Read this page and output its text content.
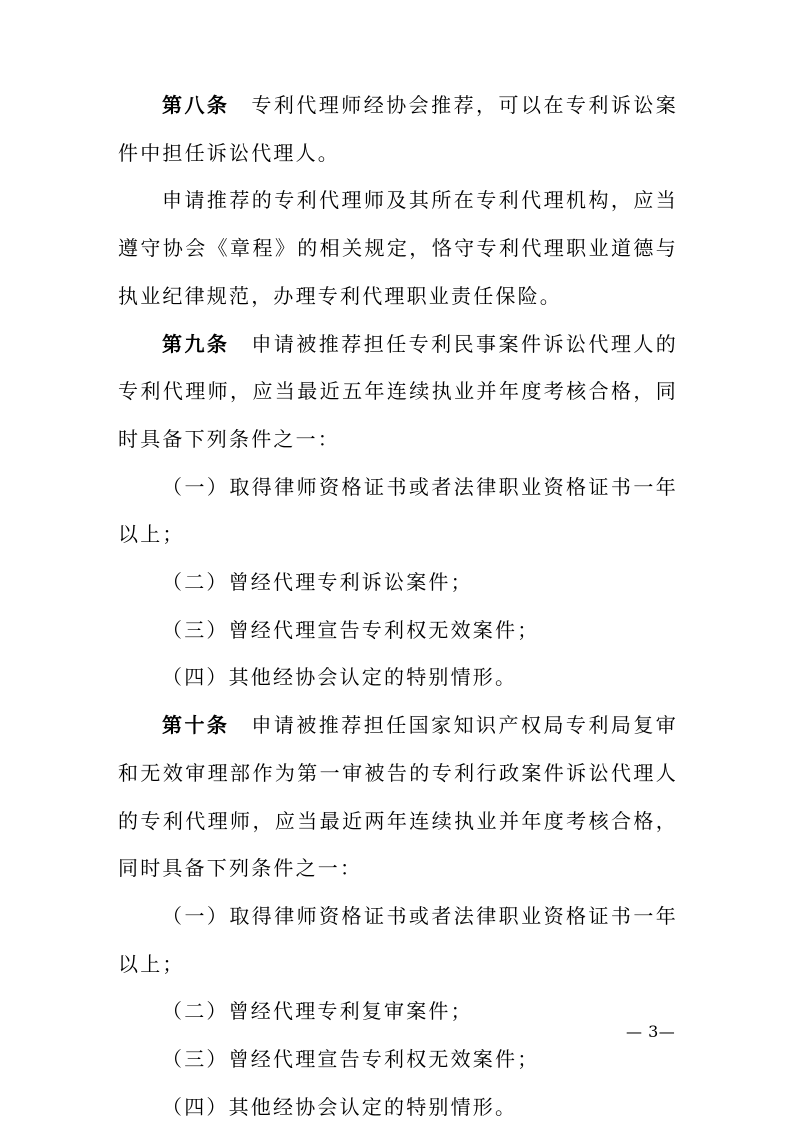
第八条 专利代理师经协会推荐，可以在专利诉讼案件中担任诉讼代理人。

申请推荐的专利代理师及其所在专利代理机构，应当遵守协会《章程》的相关规定，恪守专利代理职业道德与执业纪律规范，办理专利代理职业责任保险。

第九条 申请被推荐担任专利民事案件诉讼代理人的专利代理师，应当最近五年连续执业并年度考核合格，同时具备下列条件之一：

（一）取得律师资格证书或者法律职业资格证书一年以上；

（二）曾经代理专利诉讼案件；

（三）曾经代理宣告专利权无效案件；

（四）其他经协会认定的特别情形。

第十条 申请被推荐担任国家知识产权局专利局复审和无效审理部作为第一审被告的专利行政案件诉讼代理人的专利代理师，应当最近两年连续执业并年度考核合格，同时具备下列条件之一：

（一）取得律师资格证书或者法律职业资格证书一年以上；

（二）曾经代理专利复审案件；

（三）曾经代理宣告专利权无效案件；

（四）其他经协会认定的特别情形。

— 3—
